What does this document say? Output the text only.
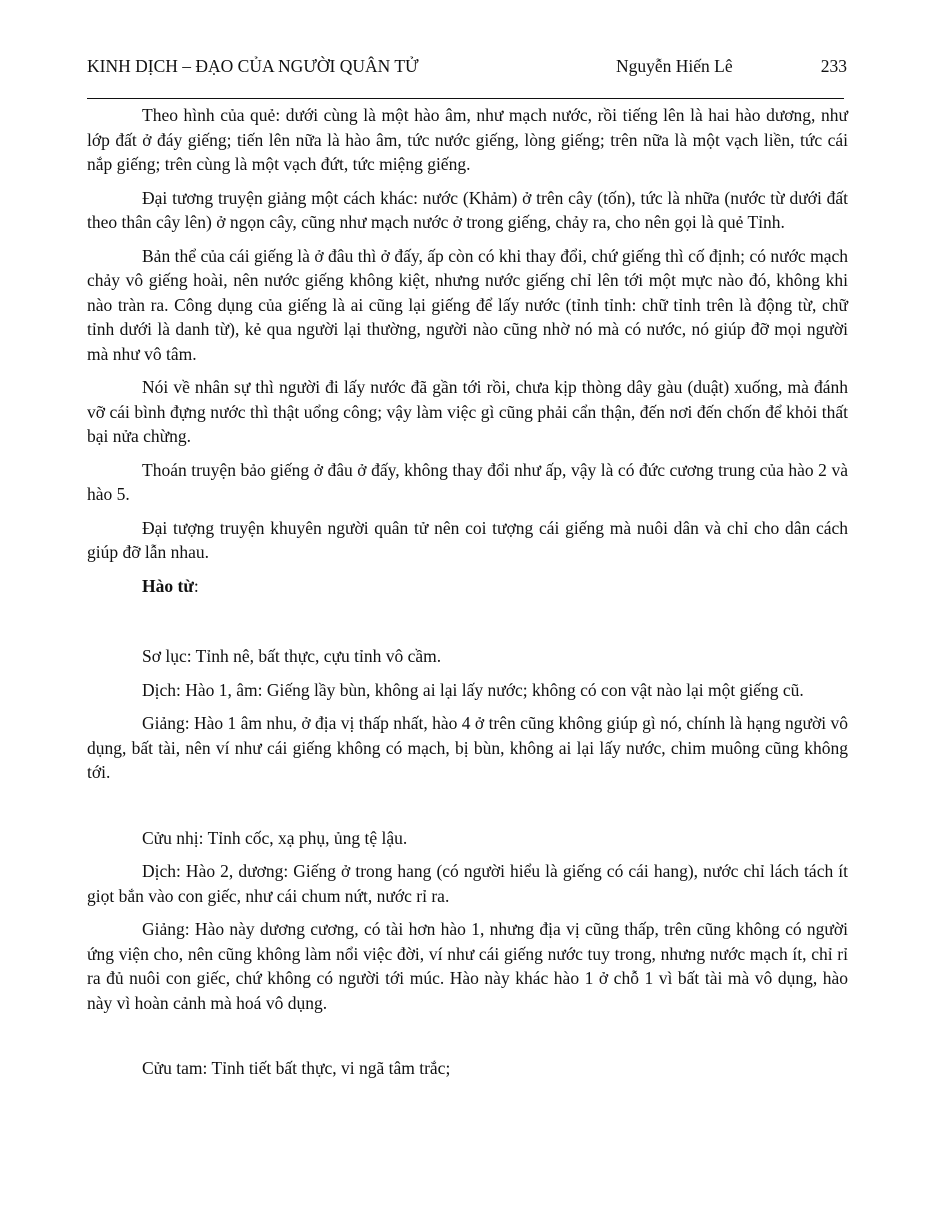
KINH DỊCH – ĐẠO CỦA NGƯỜI QUÂN TỬ	Nguyễn Hiến Lê	233

Theo hình của quẻ: dưới cùng là một hào âm, như mạch nước, rồi tiếng lên là hai hào dương, như lớp đất ở đáy giếng; tiến lên nữa là hào âm, tức nước giếng, lòng giếng; trên nữa là một vạch liền, tức cái nắp giếng; trên cùng là một vạch đứt, tức miệng giếng.

Đại tương truyện giảng một cách khác: nước (Khảm) ở trên cây (tốn), tức là nhữa (nước từ dưới đất theo thân cây lên) ở ngọn cây, cũng như mạch nước ở trong giếng, chảy ra, cho nên gọi là quẻ Tỉnh.

Bản thể của cái giếng là ở đâu thì ở đấy, ấp còn có khi thay đổi, chứ giếng thì cố định; có nước mạch chảy vô giếng hoài, nên nước giếng không kiệt, nhưng nước giếng chỉ lên tới một mực nào đó, không khi nào tràn ra. Công dụng của giếng là ai cũng lại giếng để lấy nước (tỉnh tỉnh: chữ tỉnh trên là động từ, chữ tỉnh dưới là danh từ), kẻ qua người lại thường, người nào cũng nhờ nó mà có nước, nó giúp đỡ mọi người mà như vô tâm.

Nói về nhân sự thì người đi lấy nước đã gần tới rồi, chưa kịp thòng dây gàu (duật) xuống, mà đánh vỡ cái bình đựng nước thì thật uổng công; vậy làm việc gì cũng phải cẩn thận, đến nơi đến chốn để khỏi thất bại nửa chừng.

Thoán truyện bảo giếng ở đâu ở đấy, không thay đổi như ấp, vậy là có đức cương trung của hào 2 và hào 5.

Đại tượng truyện khuyên người quân tử nên coi tượng cái giếng mà nuôi dân và chỉ cho dân cách giúp đỡ lẫn nhau.

Hào từ:

Sơ lục: Tỉnh nê, bất thực, cựu tỉnh vô cầm.

Dịch: Hào 1, âm: Giếng lầy bùn, không ai lại lấy nước; không có con vật nào lại một giếng cũ.

Giảng: Hào 1 âm nhu, ở địa vị thấp nhất, hào 4 ở trên cũng không giúp gì nó, chính là hạng người vô dụng, bất tài, nên ví như cái giếng không có mạch, bị bùn, không ai lại lấy nước, chim muông cũng không tới.

Cửu nhị: Tỉnh cốc, xạ phụ, ủng tệ lậu.

Dịch: Hào 2, dương: Giếng ở trong hang (có người hiểu là giếng có cái hang), nước chỉ lách tách ít giọt bắn vào con giếc, như cái chum nứt, nước rỉ ra.

Giảng: Hào này dương cương, có tài hơn hào 1, nhưng địa vị cũng thấp, trên cũng không có người ứng viện cho, nên cũng không làm nổi việc đời, ví như cái giếng nước tuy trong, nhưng nước mạch ít, chỉ rỉ ra đủ nuôi con giếc, chứ không có người tới múc. Hào này khác hào 1 ở chỗ 1 vì bất tài mà vô dụng, hào này vì hoàn cảnh mà hoá vô dụng.

Cửu tam: Tỉnh tiết bất thực, vi ngã tâm trắc;
